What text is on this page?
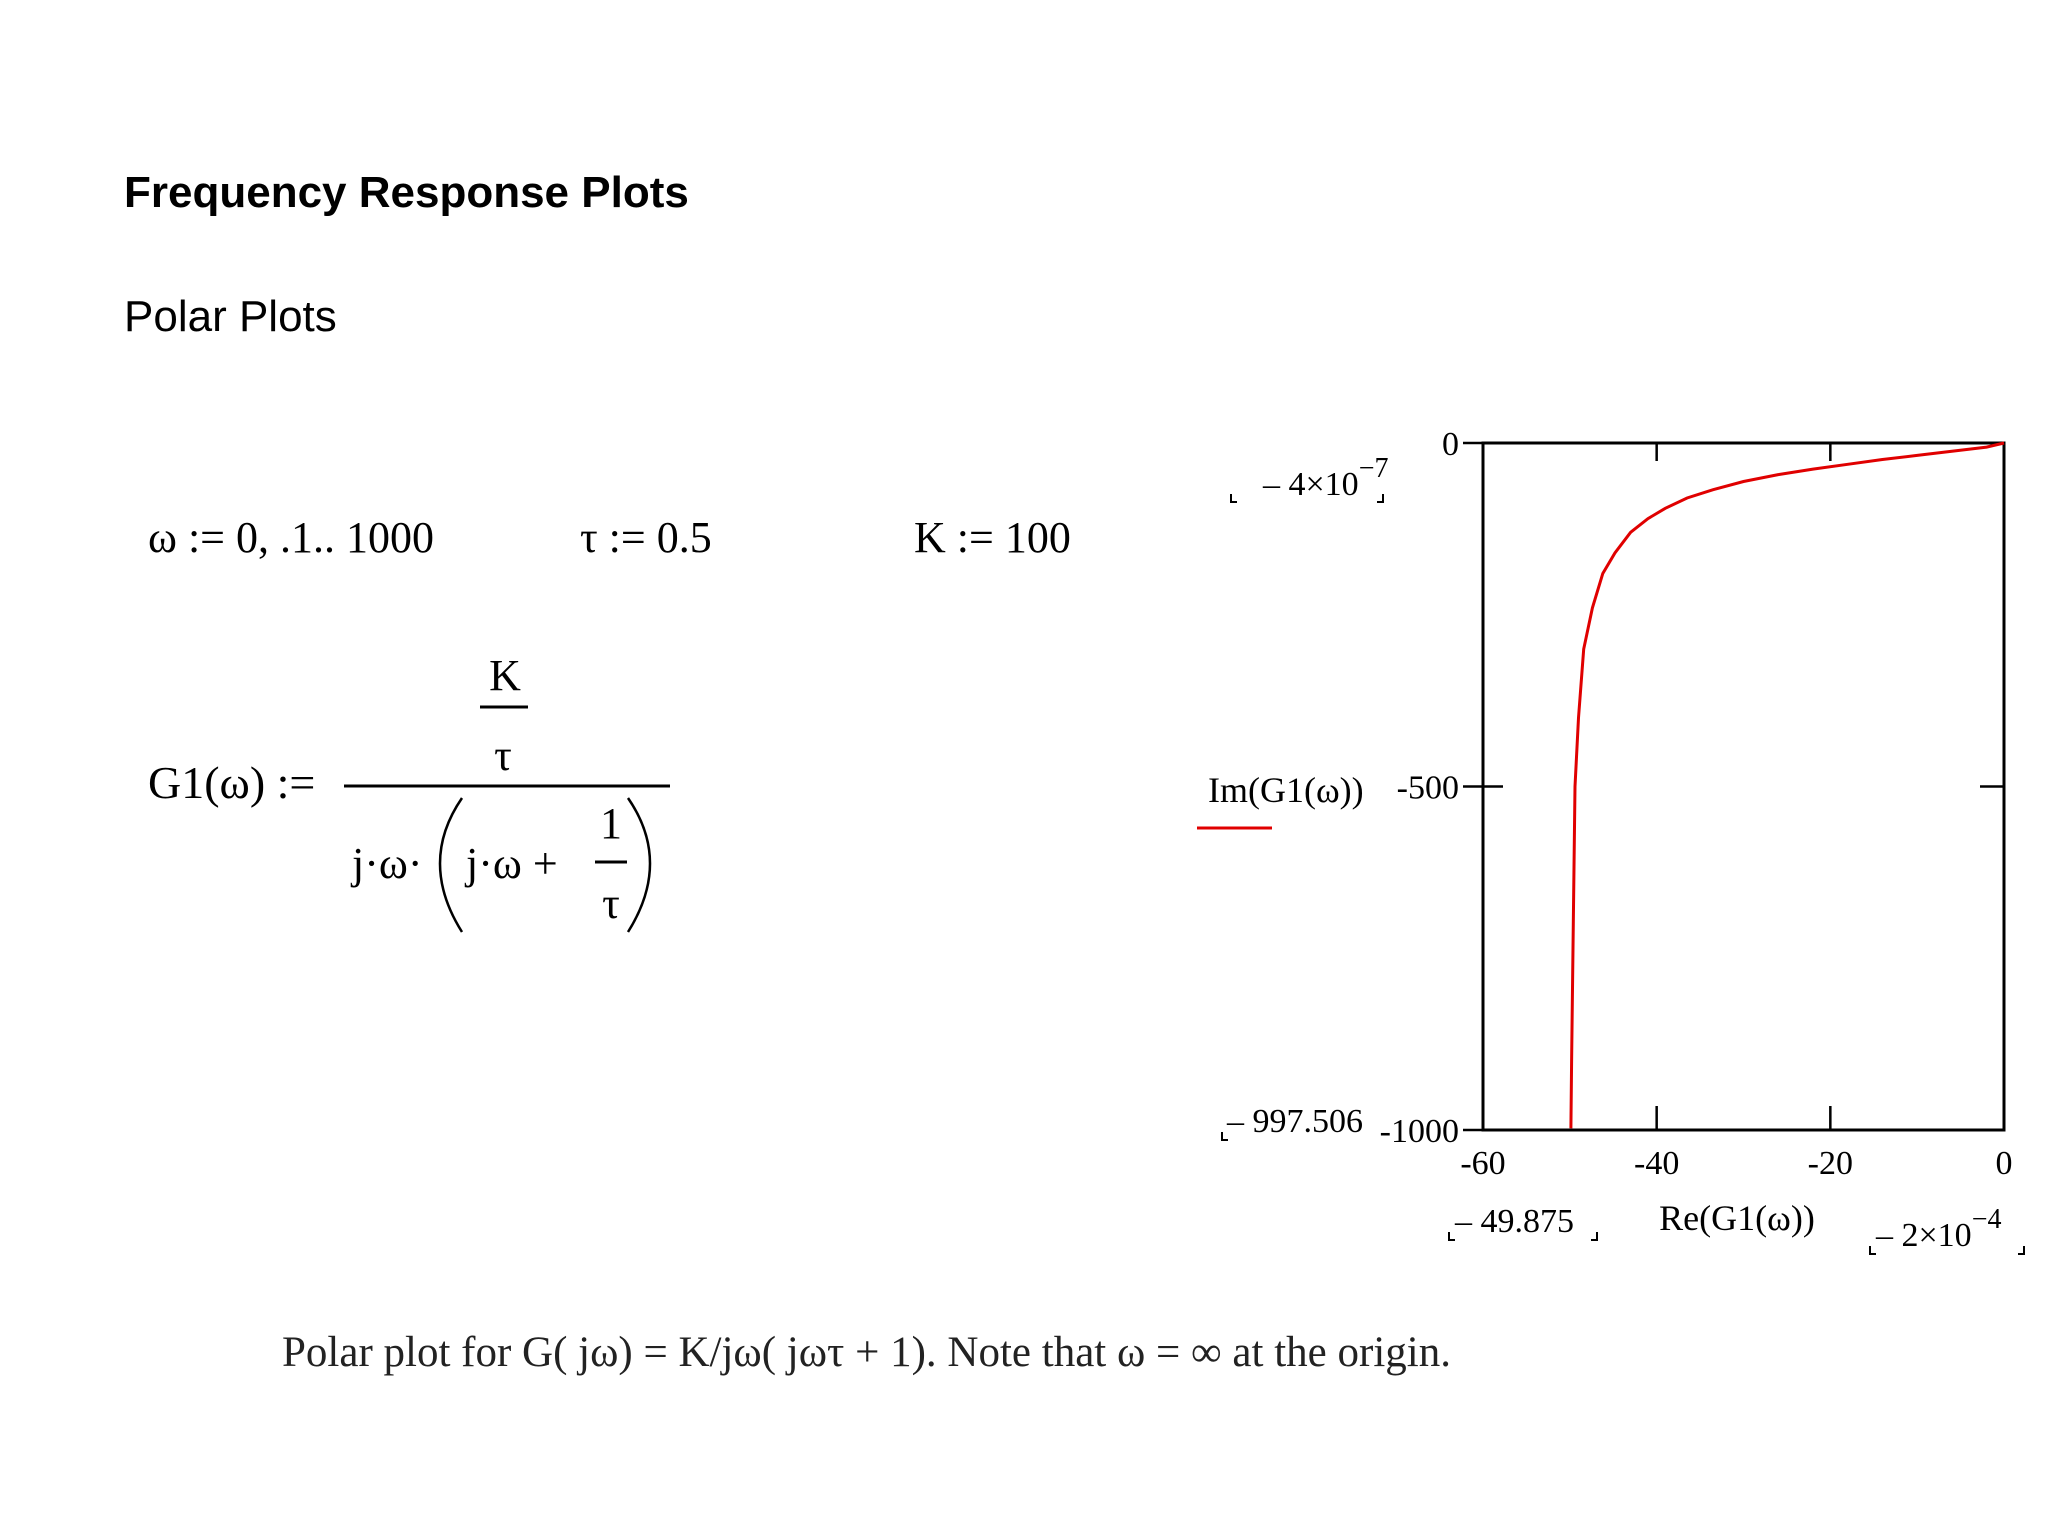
Frequency Response Plots
Polar Plots
ω := 0, .1.. 1000	τ := 0.5	K := 100
G1(ω) :=
K
τ
j·ω· j·ω +
1
τ
-60	-40	-20	0
-1000
-500
0
Im(G1(ω))
Re(G1(ω))
– $4\times 10^{-7}$
– 997.506
– 49.875	– $2\times 10^{-4}$
Polar plot for G( jω) = K/jω( jωτ + 1). Note that ω = ∞ at the origin.
